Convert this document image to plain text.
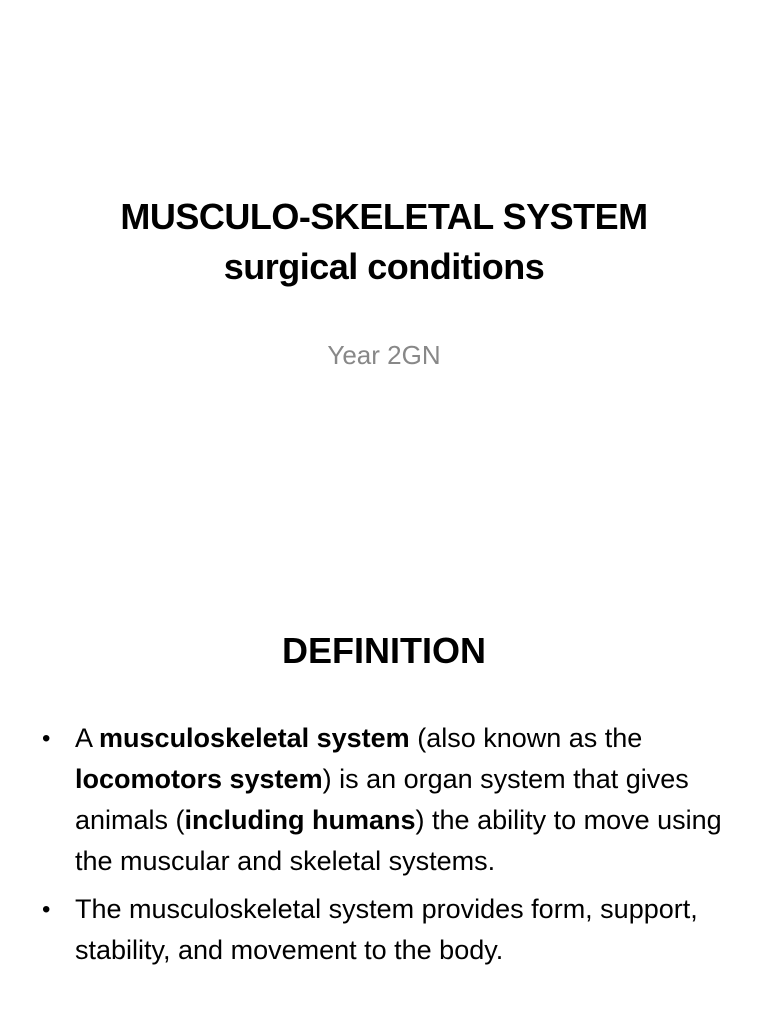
MUSCULO-SKELETAL SYSTEM
surgical conditions
Year 2GN
DEFINITION
• A musculoskeletal system (also known as the locomotors system) is an organ system that gives animals (including humans) the ability to move using the muscular and skeletal systems.
• The musculoskeletal system provides form, support, stability, and movement to the body.
